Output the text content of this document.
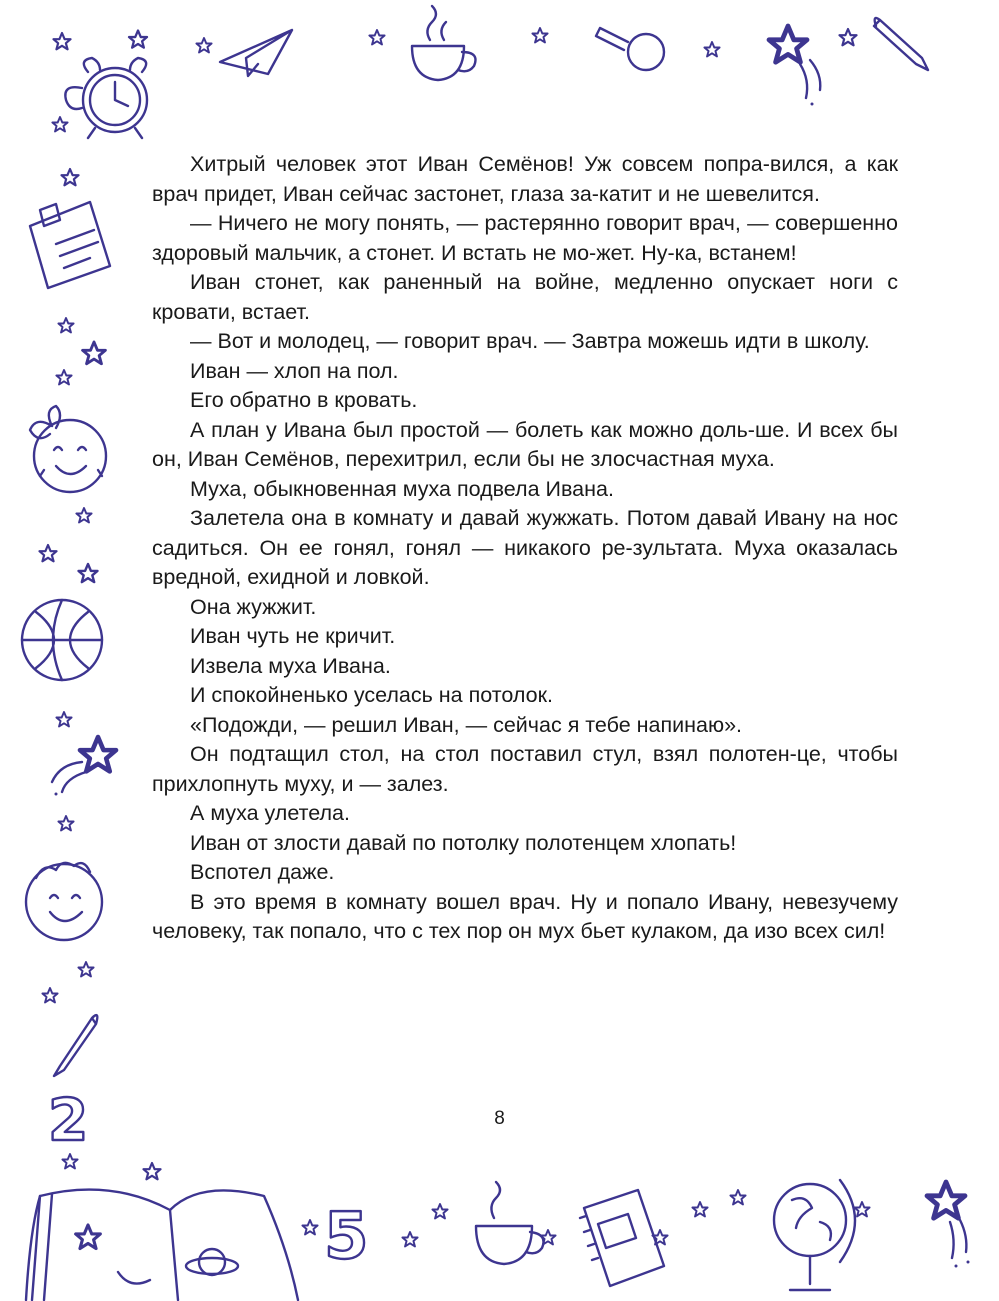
2
5

Хитрый человек этот Иван Семёнов! Уж совсем попра-вился, а как врач придет, Иван сейчас застонет, глаза за-катит и не шевелится.

— Ничего не могу понять, — растерянно говорит врач, — совершенно здоровый мальчик, а стонет. И встать не мо-жет. Ну-ка, встанем!

Иван стонет, как раненный на войне, медленно опускает ноги с кровати, встает.

— Вот и молодец, — говорит врач. — Завтра можешь идти в школу.

Иван — хлоп на пол.

Его обратно в кровать.

А план у Ивана был простой — болеть как можно доль-ше. И всех бы он, Иван Семёнов, перехитрил, если бы не злосчастная муха.

Муха, обыкновенная муха подвела Ивана.

Залетела она в комнату и давай жужжать. Потом давай Ивану на нос садиться. Он ее гонял, гонял — никакого ре-зультата. Муха оказалась вредной, ехидной и ловкой.

Она жужжит.

Иван чуть не кричит.

Извела муха Ивана.

И спокойненько уселась на потолок.

«Подожди, — решил Иван, — сейчас я тебе напинаю».

Он подтащил стол, на стол поставил стул, взял полотен-це, чтобы прихлопнуть муху, и — залез.

А муха улетела.

Иван от злости давай по потолку полотенцем хлопать!

Вспотел даже.

В это время в комнату вошел врач. Ну и попало Ивану, невезучему человеку, так попало, что с тех пор он мух бьет кулаком, да изо всех сил!

8
